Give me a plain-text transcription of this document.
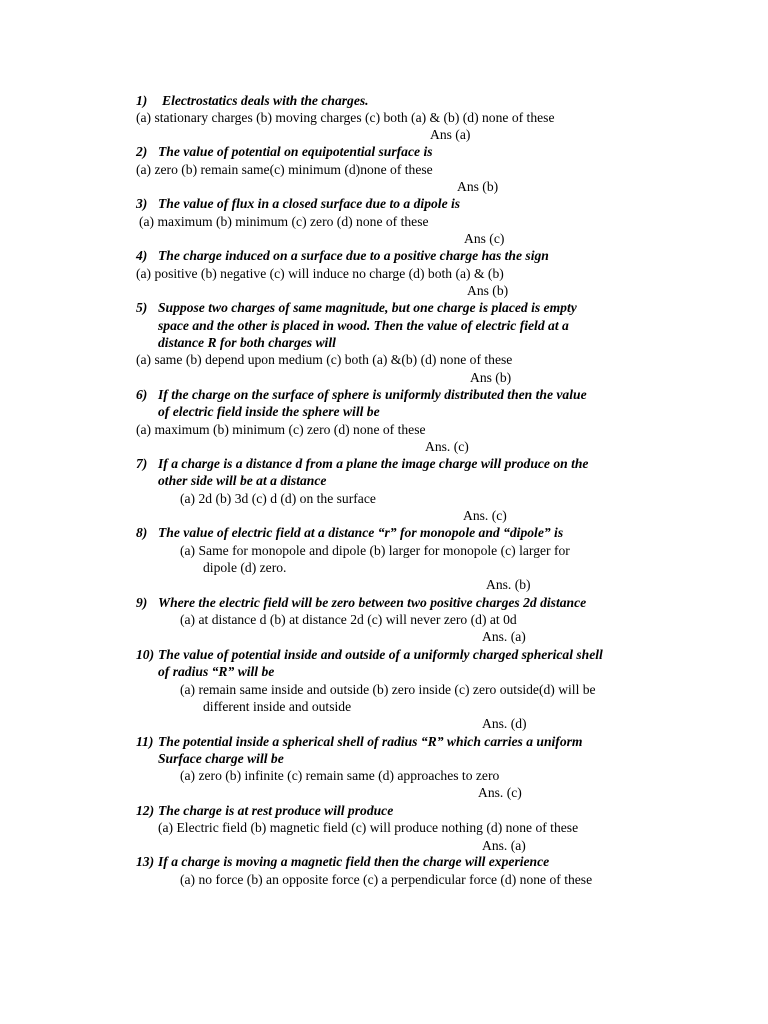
1) Electrostatics deals with the charges.
(a) stationary charges (b) moving charges (c) both (a) & (b) (d) none of these
Ans (a)
2) The value of potential on equipotential surface is
(a) zero (b) remain same(c) minimum (d)none of these
Ans (b)
3) The value of flux in a closed surface due to a dipole is
(a) maximum (b) minimum (c) zero (d) none of these
Ans (c)
4) The charge induced on a surface due to a positive charge has the sign
(a) positive (b) negative (c) will induce no charge (d) both (a) & (b)
Ans (b)
5) Suppose two charges of same magnitude, but one charge is placed is empty
space and the other is placed in wood. Then the value of electric field at a
distance R for both charges will
(a) same (b) depend upon medium (c) both (a) &(b) (d) none of these
Ans (b)
6) If the charge on the surface of sphere is uniformly distributed then the value
of electric field inside the sphere will be
(a) maximum (b) minimum (c) zero (d) none of these
Ans. (c)
7) If a charge is a distance d from a plane the image charge will produce on the
other side will be at a distance
(a) 2d (b) 3d (c) d (d) on the surface
Ans. (c)
8) The value of electric field at a distance “r” for monopole and “dipole” is
(a) Same for monopole and dipole (b) larger for monopole (c) larger for
dipole (d) zero.
Ans. (b)
9) Where the electric field will be zero between two positive charges 2d distance
(a) at distance d (b) at distance 2d (c) will never zero (d) at 0d
Ans. (a)
10) The value of potential inside and outside of a uniformly charged spherical shell
of radius “R” will be
(a) remain same inside and outside (b) zero inside (c) zero outside(d) will be
different inside and outside
Ans. (d)
11) The potential inside a spherical shell of radius “R” which carries a uniform
Surface charge will be
(a) zero (b) infinite (c) remain same (d) approaches to zero
Ans. (c)
12) The charge is at rest produce will produce
(a) Electric field (b) magnetic field (c) will produce nothing (d) none of these
Ans. (a)
13) If a charge is moving a magnetic field then the charge will experience
(a) no force (b) an opposite force (c) a perpendicular force (d) none of these
